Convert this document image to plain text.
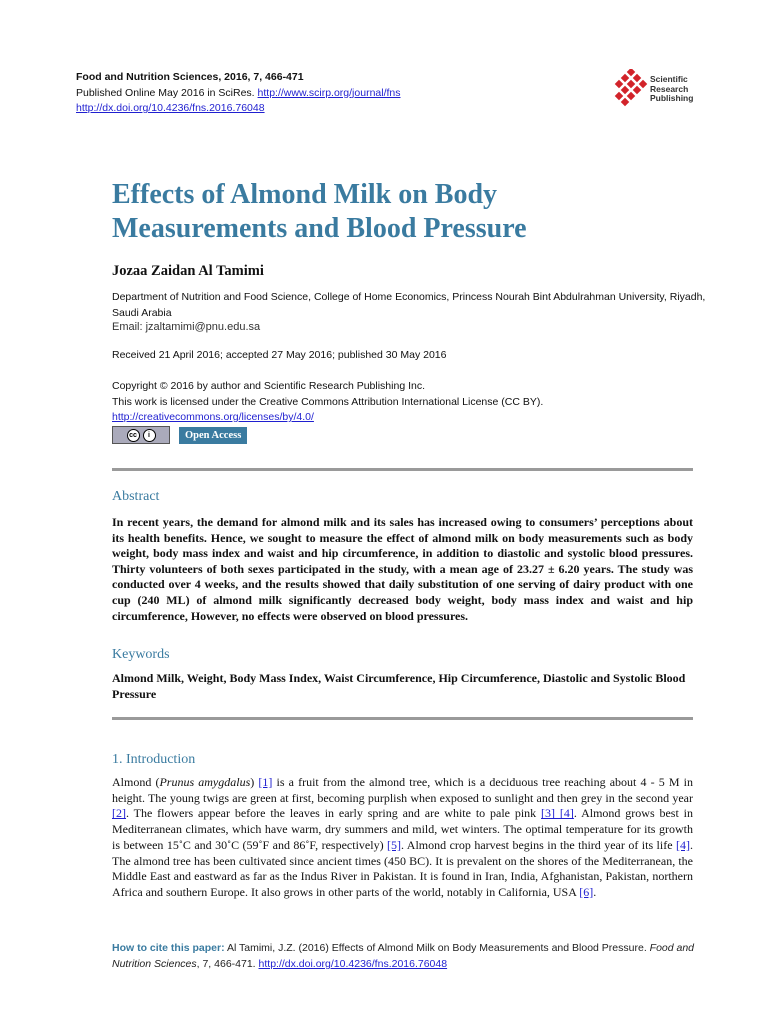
Food and Nutrition Sciences, 2016, 7, 466-471
Published Online May 2016 in SciRes. http://www.scirp.org/journal/fns
http://dx.doi.org/10.4236/fns.2016.76048
Scientific
Research
Publishing
Effects of Almond Milk on Body Measurements and Blood Pressure
Jozaa Zaidan Al Tamimi
Department of Nutrition and Food Science, College of Home Economics, Princess Nourah Bint Abdulrahman University, Riyadh, Saudi Arabia
Email: jzaltamimi@pnu.edu.sa
Received 21 April 2016; accepted 27 May 2016; published 30 May 2016
Copyright © 2016 by author and Scientific Research Publishing Inc.
This work is licensed under the Creative Commons Attribution International License (CC BY).
http://creativecommons.org/licenses/by/4.0/
cc	i	Open Access
Abstract
In recent years, the demand for almond milk and its sales has increased owing to consumers’ perceptions about its health benefits. Hence, we sought to measure the effect of almond milk on body measurements such as body weight, body mass index and waist and hip circumference, in addition to diastolic and systolic blood pressures. Thirty volunteers of both sexes participated in the study, with a mean age of 23.27 ± 6.20 years. The study was conducted over 4 weeks, and the results showed that daily substitution of one serving of dairy product with one cup (240 ML) of almond milk significantly decreased body weight, body mass index and waist and hip circumference, However, no effects were observed on blood pressures.
Keywords
Almond Milk, Weight, Body Mass Index, Waist Circumference, Hip Circumference, Diastolic and Systolic Blood Pressure
1. Introduction
Almond (Prunus amygdalus) [1] is a fruit from the almond tree, which is a deciduous tree reaching about 4 - 5 M in height. The young twigs are green at first, becoming purplish when exposed to sunlight and then grey in the second year [2]. The flowers appear before the leaves in early spring and are white to pale pink [3] [4]. Almond grows best in Mediterranean climates, which have warm, dry summers and mild, wet winters. The optimal temperature for its growth is between 15˚C and 30˚C (59˚F and 86˚F, respectively) [5]. Almond crop harvest begins in the third year of its life [4]. The almond tree has been cultivated since ancient times (450 BC). It is prevalent on the shores of the Mediterranean, the Middle East and eastward as far as the Indus River in Pakistan. It is found in Iran, India, Afghanistan, Pakistan, northern Africa and southern Europe. It also grows in other parts of the world, notably in California, USA [6].
How to cite this paper: Al Tamimi, J.Z. (2016) Effects of Almond Milk on Body Measurements and Blood Pressure. Food and Nutrition Sciences, 7, 466-471. http://dx.doi.org/10.4236/fns.2016.76048
